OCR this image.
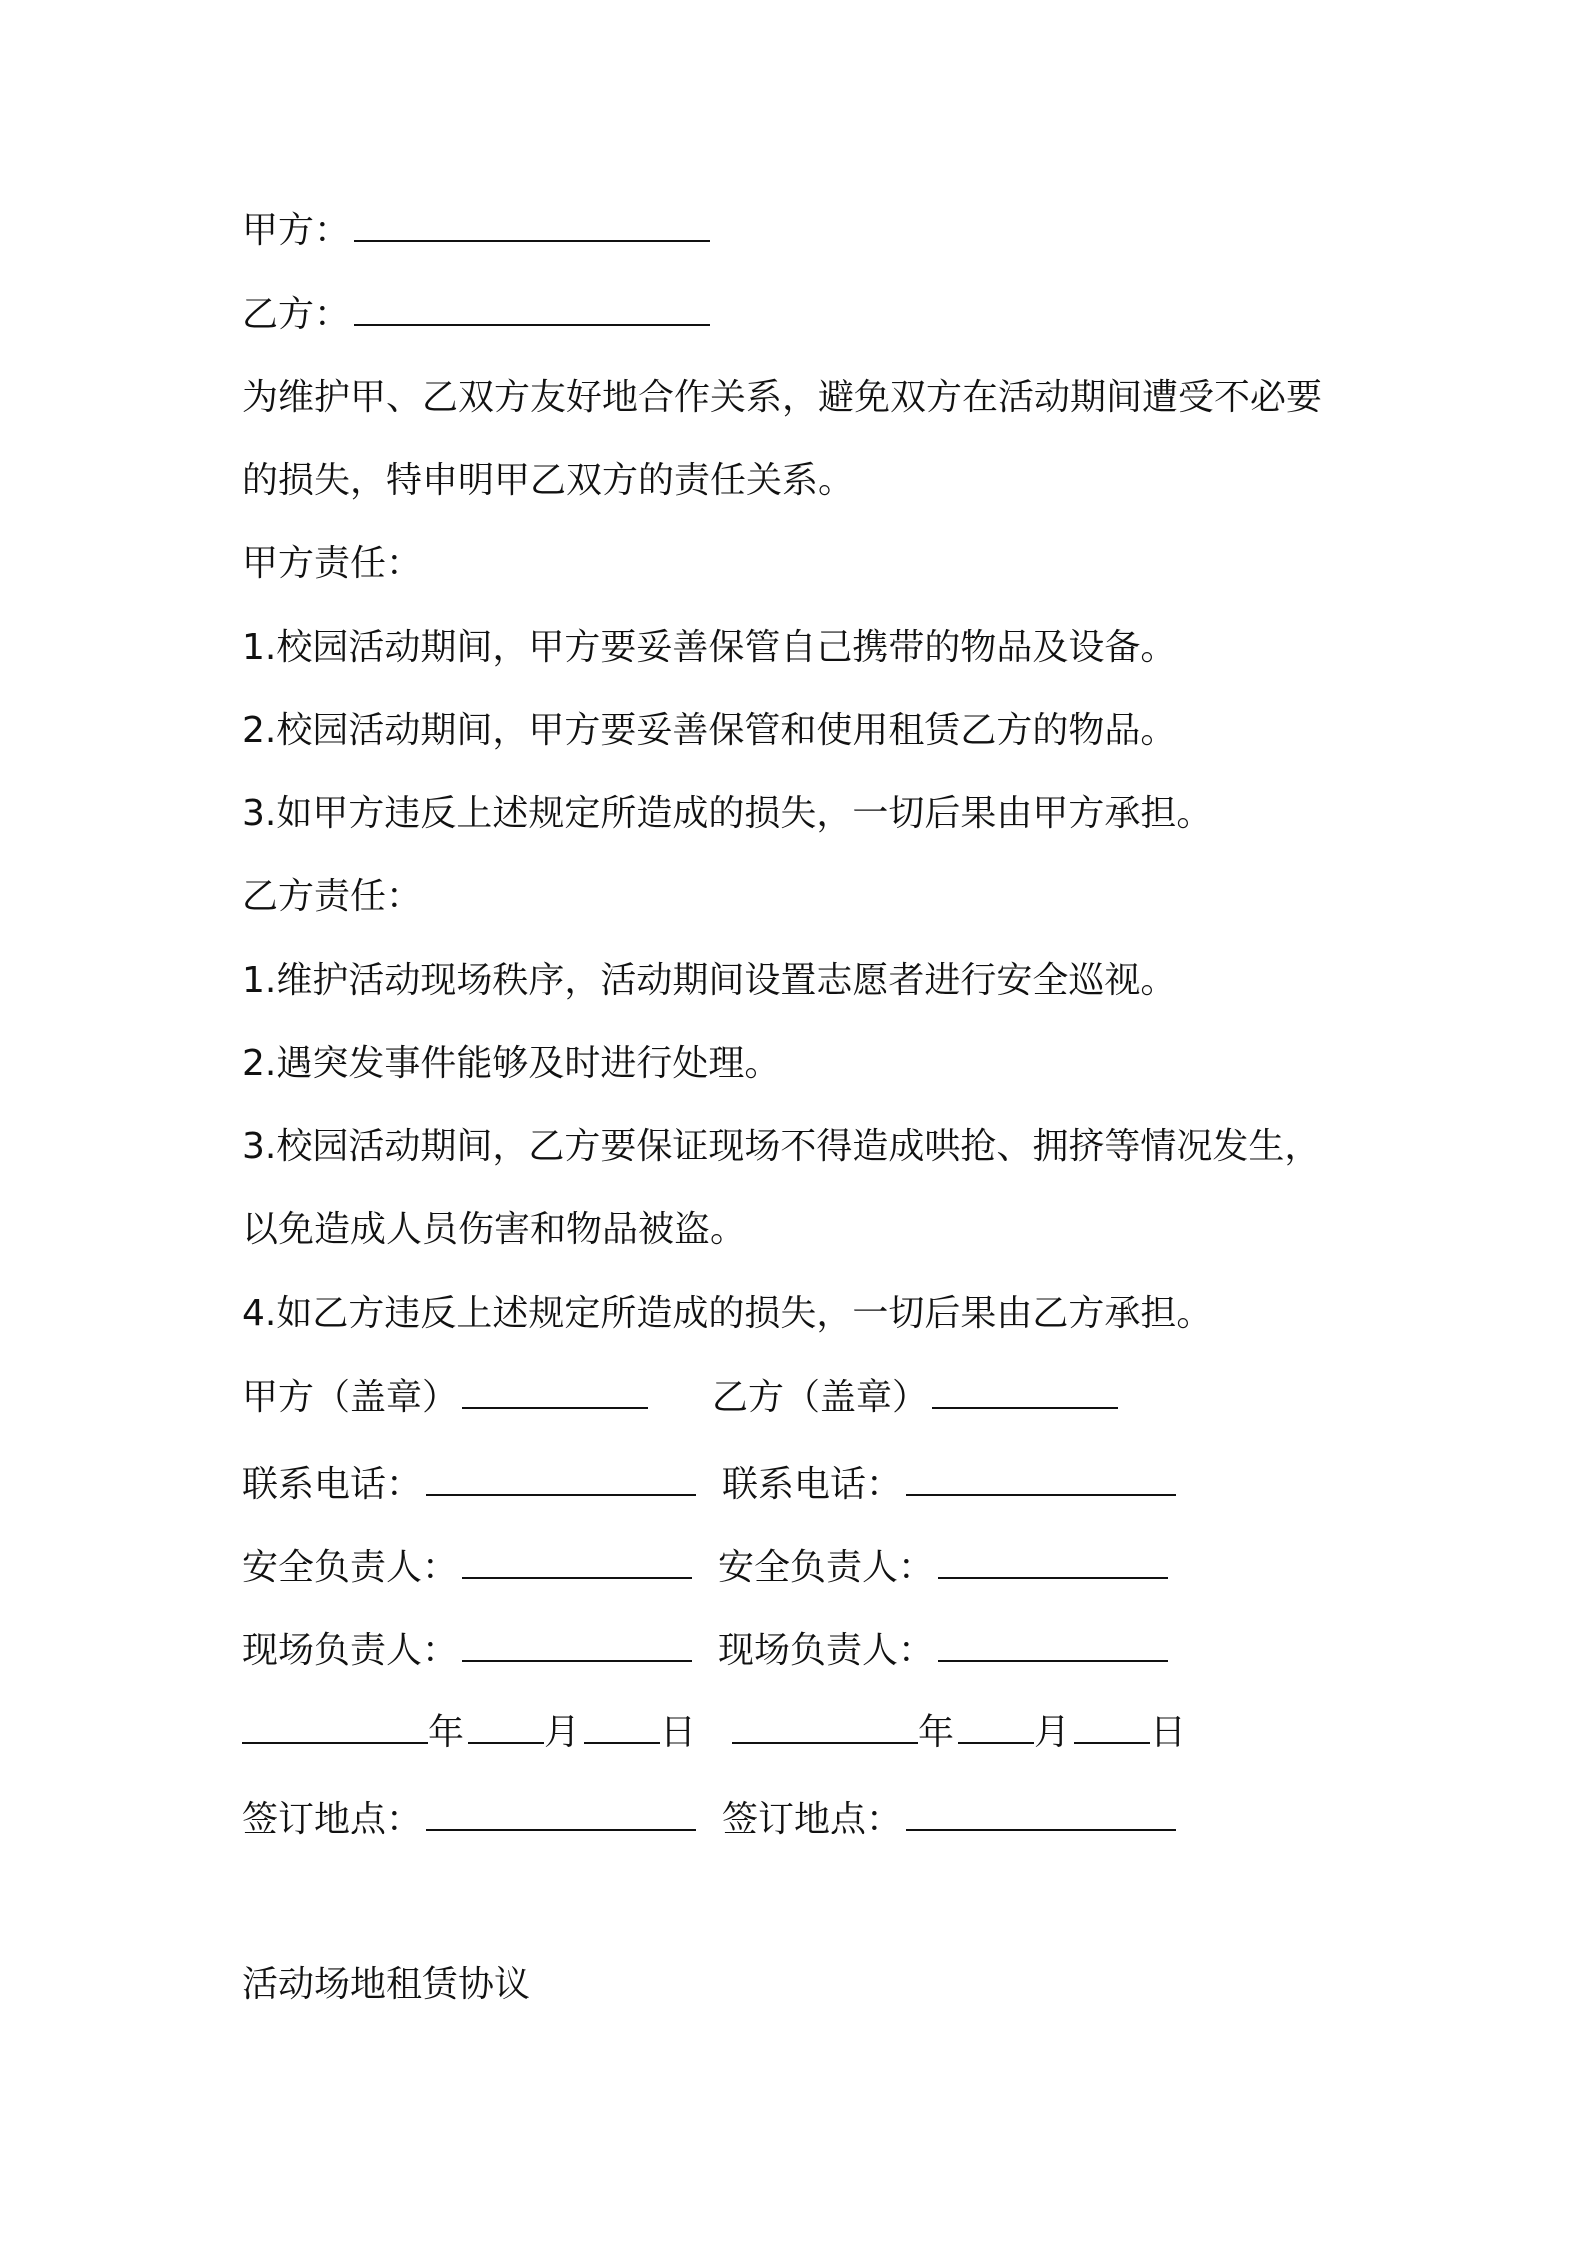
甲方：
乙方：
为维护甲、乙双方友好地合作关系，避免双方在活动期间遭受不必要
的损失，特申明甲乙双方的责任关系。
甲方责任：
1.校园活动期间，甲方要妥善保管自己携带的物品及设备。
2.校园活动期间，甲方要妥善保管和使用租赁乙方的物品。
3.如甲方违反上述规定所造成的损失，一切后果由甲方承担。
乙方责任：
1.维护活动现场秩序，活动期间设置志愿者进行安全巡视。
2.遇突发事件能够及时进行处理。
3.校园活动期间，乙方要保证现场不得造成哄抢、拥挤等情况发生，
以免造成人员伤害和物品被盗。
4.如乙方违反上述规定所造成的损失，一切后果由乙方承担。
甲方（盖章）	乙方（盖章）
联系电话：	联系电话：
安全负责人：	安全负责人：
现场负责人：	现场负责人：
年 月 日	年 月 日
签订地点：	签订地点：
活动场地租赁协议
